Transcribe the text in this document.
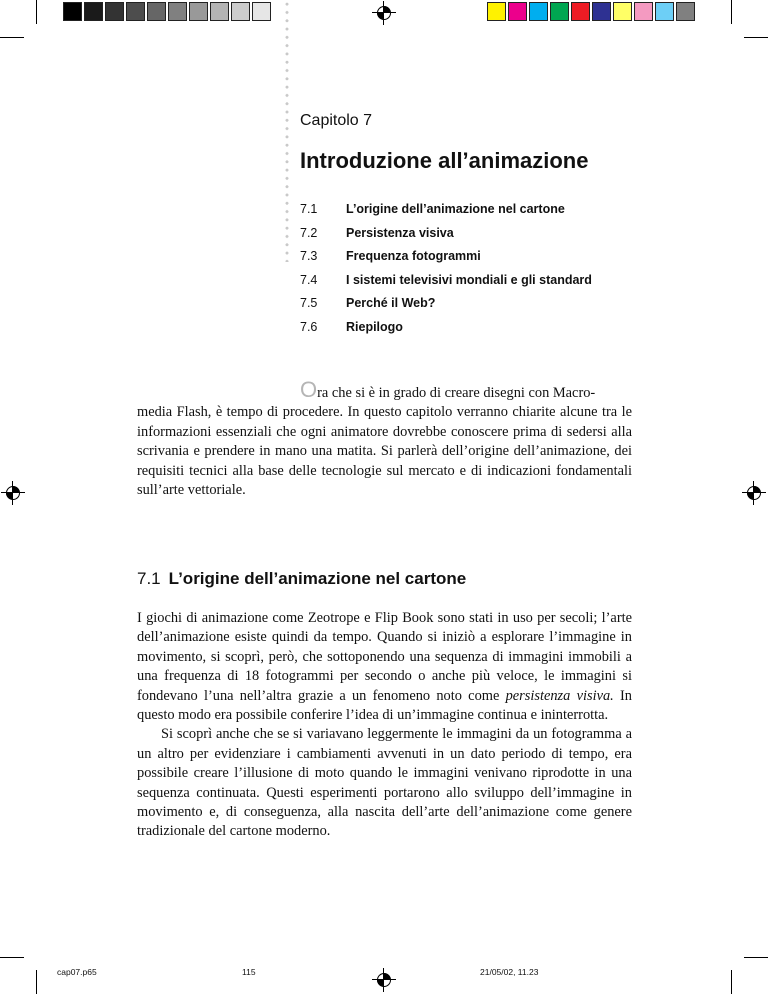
Capitolo 7
Introduzione all’animazione
7.1 L’origine dell’animazione nel cartone
7.2 Persistenza visiva
7.3 Frequenza fotogrammi
7.4 I sistemi televisivi mondiali e gli standard
7.5 Perché il Web?
7.6 Riepilogo
Ora che si è in grado di creare disegni con Macro-
media Flash, è tempo di procedere. In questo capitolo verranno chiarite alcune tra le informazioni essenziali che ogni animatore dovrebbe conoscere prima di sedersi alla scrivania e prendere in mano una matita. Si parlerà dell’origine dell’animazione, dei requisiti tecnici alla base delle tecnologie sul mercato e di indicazioni fondamentali sull’arte vettoriale.
7.1 L’origine dell’animazione nel cartone

I giochi di animazione come Zeotrope e Flip Book sono stati in uso per secoli; l’arte dell’animazione esiste quindi da tempo. Quando si iniziò a esplorare l’immagine in movimento, si scoprì, però, che sottoponendo una sequenza di immagini immobili a una frequenza di 18 fotogrammi per secondo o anche più veloce, le immagini si fondevano l’una nell’altra grazie a un fenomeno noto come persistenza visiva. In questo modo era possibile conferire l’idea di un’immagine continua e ininterrotta.

Si scoprì anche che se si variavano leggermente le immagini da un fotogramma a un altro per evidenziare i cambiamenti avvenuti in un dato periodo di tempo, era possibile creare l’illusione di moto quando le immagini venivano riprodotte in una sequenza continuata. Questi esperimenti portarono allo sviluppo dell’immagine in movimento e, di conseguenza, alla nascita dell’arte dell’animazione come genere tradizionale del cartone moderno.

cap07.p65	115	21/05/02, 11.23
